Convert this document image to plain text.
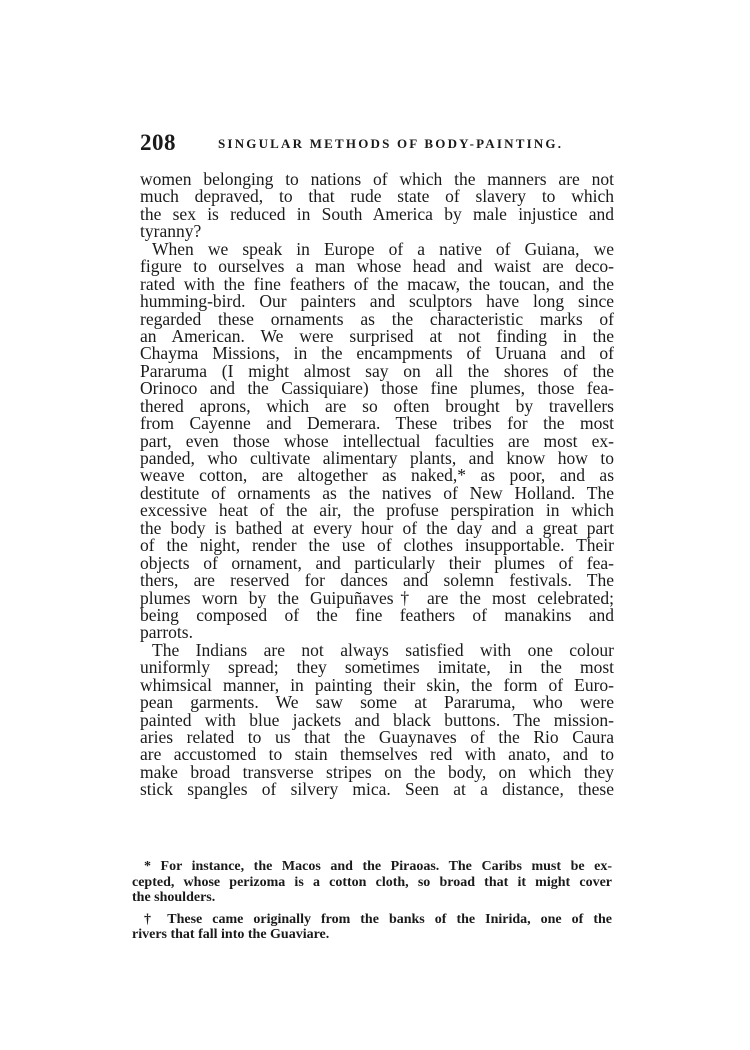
208	SINGULAR METHODS OF BODY-PAINTING.
women belonging to nations of which the manners are not
much depraved, to that rude state of slavery to which
the sex is reduced in South America by male injustice and
tyranny?
When we speak in Europe of a native of Guiana, we
figure to ourselves a man whose head and waist are deco-
rated with the fine feathers of the macaw, the toucan, and the
humming-bird. Our painters and sculptors have long since
regarded these ornaments as the characteristic marks of
an American. We were surprised at not finding in the
Chayma Missions, in the encampments of Uruana and of
Pararuma (I might almost say on all the shores of the
Orinoco and the Cassiquiare) those fine plumes, those fea-
thered aprons, which are so often brought by travellers
from Cayenne and Demerara. These tribes for the most
part, even those whose intellectual faculties are most ex-
panded, who cultivate alimentary plants, and know how to
weave cotton, are altogether as naked,* as poor, and as
destitute of ornaments as the natives of New Holland. The
excessive heat of the air, the profuse perspiration in which
the body is bathed at every hour of the day and a great part
of the night, render the use of clothes insupportable. Their
objects of ornament, and particularly their plumes of fea-
thers, are reserved for dances and solemn festivals. The
plumes worn by the Guipuñaves† are the most celebrated;
being composed of the fine feathers of manakins and
parrots.
The Indians are not always satisfied with one colour
uniformly spread; they sometimes imitate, in the most
whimsical manner, in painting their skin, the form of Euro-
pean garments. We saw some at Pararuma, who were
painted with blue jackets and black buttons. The mission-
aries related to us that the Guaynaves of the Rio Caura
are accustomed to stain themselves red with anato, and to
make broad transverse stripes on the body, on which they
stick spangles of silvery mica. Seen at a distance, these
* For instance, the Macos and the Piraoas. The Caribs must be ex-
cepted, whose perizoma is a cotton cloth, so broad that it might cover
the shoulders.
† These came originally from the banks of the Inirida, one of the
rivers that fall into the Guaviare.
